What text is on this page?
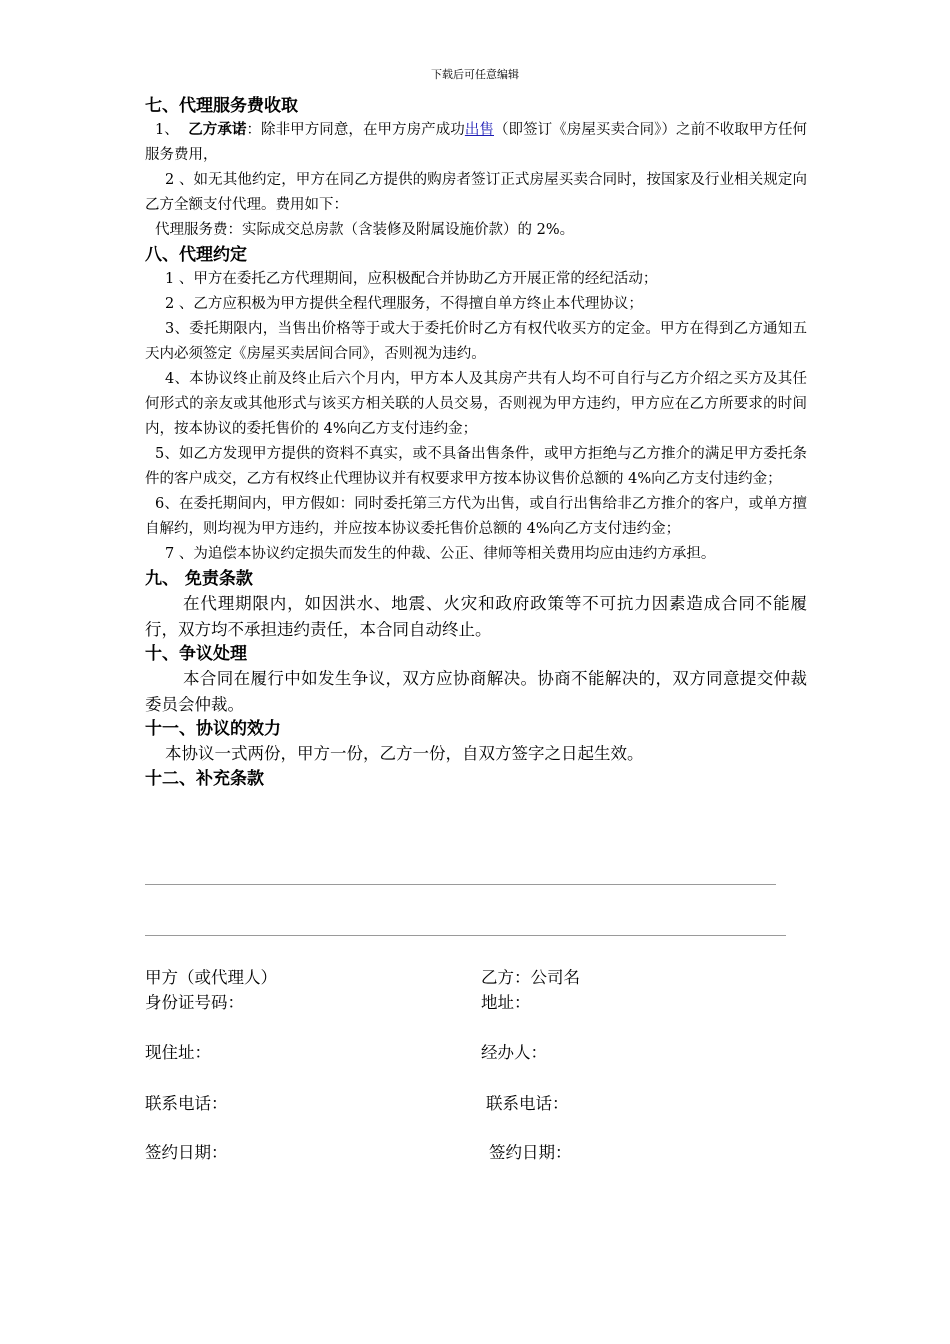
下载后可任意编辑
七、代理服务费收取

1、 乙方承诺：除非甲方同意，在甲方房产成功出售（即签订《房屋买卖合同》）之前不收取甲方任何服务费用，

2 、如无其他约定，甲方在同乙方提供的购房者签订正式房屋买卖合同时，按国家及行业相关规定向乙方全额支付代理。费用如下：

代理服务费：实际成交总房款（含装修及附属设施价款）的 2%。

八、代理约定

1 、甲方在委托乙方代理期间，应积极配合并协助乙方开展正常的经纪活动；

2 、乙方应积极为甲方提供全程代理服务，不得擅自单方终止本代理协议；

3、委托期限内，当售出价格等于或大于委托价时乙方有权代收买方的定金。甲方在得到乙方通知五天内必须签定《房屋买卖居间合同》，否则视为违约。

4、本协议终止前及终止后六个月内，甲方本人及其房产共有人均不可自行与乙方介绍之买方及其任何形式的亲友或其他形式与该买方相关联的人员交易，否则视为甲方违约，甲方应在乙方所要求的时间内，按本协议的委托售价的 4%向乙方支付违约金；

5、如乙方发现甲方提供的资料不真实，或不具备出售条件，或甲方拒绝与乙方推介的满足甲方委托条件的客户成交，乙方有权终止代理协议并有权要求甲方按本协议售价总额的 4%向乙方支付违约金；

6、在委托期间内，甲方假如：同时委托第三方代为出售，或自行出售给非乙方推介的客户，或单方擅自解约，则均视为甲方违约，并应按本协议委托售价总额的 4%向乙方支付违约金；

7 、为追偿本协议约定损失而发生的仲裁、公正、律师等相关费用均应由违约方承担。

九、 免责条款

在代理期限内，如因洪水、地震、火灾和政府政策等不可抗力因素造成合同不能履行，双方均不承担违约责任，本合同自动终止。

十、争议处理

本合同在履行中如发生争议，双方应协商解决。协商不能解决的，双方同意提交仲裁委员会仲裁。

十一、协议的效力

本协议一式两份，甲方一份，乙方一份，自双方签字之日起生效。

十二、补充条款
甲方（或代理人）
身份证号码：
现住址：
联系电话：
签约日期：
乙方：公司名
地址：
经办人：
联系电话：
签约日期：
